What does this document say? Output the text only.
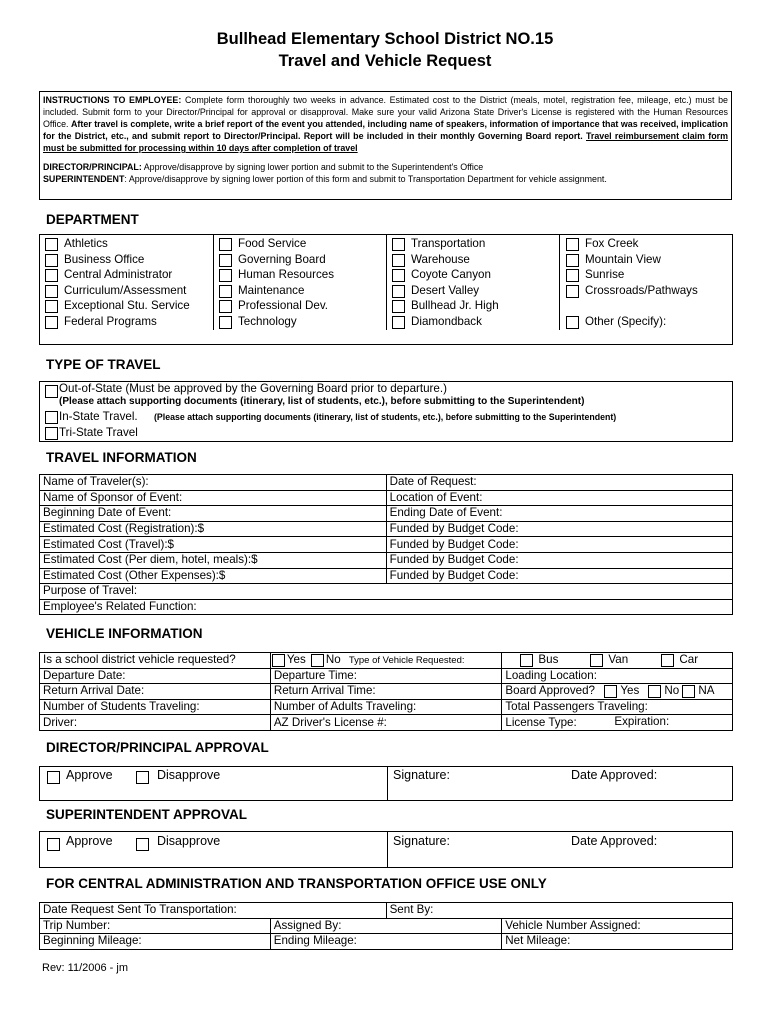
Bullhead Elementary School District NO.15
Travel and Vehicle Request

INSTRUCTIONS TO EMPLOYEE: Complete form thoroughly two weeks in advance. Estimated cost to the District (meals, motel, registration fee, mileage, etc.) must be included. Submit form to your Director/Principal for approval or disapproval. Make sure your valid Arizona State Driver's License is registered with the Human Resources Office. After travel is complete, write a brief report of the event you attended, including name of speakers, information of importance that was received, implication for the District, etc., and submit report to Director/Principal. Report will be included in their monthly Governing Board report. Travel reimbursement claim form must be submitted for processing within 10 days after completion of travel

DIRECTOR/PRINCIPAL: Approve/disapprove by signing lower portion and submit to the Superintendent's Office

SUPERINTENDENT: Approve/disapprove by signing lower portion of this form and submit to Transportation Department for vehicle assignment.

DEPARTMENT
Athletics
Business Office
Central Administrator
Curriculum/Assessment
Exceptional Stu. Service
Federal Programs
Food Service
Governing Board
Human Resources
Maintenance
Professional Dev.
Technology
Transportation
Warehouse
Coyote Canyon
Desert Valley
Bullhead Jr. High
Diamondback
Fox Creek
Mountain View
Sunrise
Crossroads/Pathways
Other (Specify):
TYPE OF TRAVEL
Out-of-State (Must be approved by the Governing Board prior to departure.)
(Please attach supporting documents (itinerary, list of students, etc.), before submitting to the Superintendent)
In-State Travel. (Please attach supporting documents (itinerary, list of students, etc.), before submitting to the Superintendent)
Tri-State Travel
TRAVEL INFORMATION
Name of Traveler(s):	Date of Request:
Name of Sponsor of Event:	Location of Event:
Beginning Date of Event:	Ending Date of Event:
Estimated Cost (Registration):$	Funded by Budget Code:
Estimated Cost (Travel):$	Funded by Budget Code:
Estimated Cost (Per diem, hotel, meals):$	Funded by Budget Code:
Estimated Cost (Other Expenses):$	Funded by Budget Code:
Purpose of Travel:	
Employee's Related Function:	
VEHICLE INFORMATION
Is a school district vehicle requested?	Yes No Type of Vehicle Requested:	Bus Van Car

Departure Date:	Departure Time:	Loading Location:
Return Arrival Date:	Return Arrival Time:	Board Approved? Yes No NA

Number of Students Traveling:	Number of Adults Traveling:	Total Passengers Traveling:
Driver:	AZ Driver's License #:	License Type: Expiration:
DIRECTOR/PRINCIPAL APPROVAL
Approve	Disapprove	Signature:	Date Approved:
SUPERINTENDENT APPROVAL
Approve	Disapprove	Signature:	Date Approved:
FOR CENTRAL ADMINISTRATION AND TRANSPORTATION OFFICE USE ONLY
Date Request Sent To Transportation:		Sent By:	
Trip Number:	Assigned By:		Vehicle Number Assigned:
Beginning Mileage:	Ending Mileage:		Net Mileage:
Rev: 11/2006 - jm
